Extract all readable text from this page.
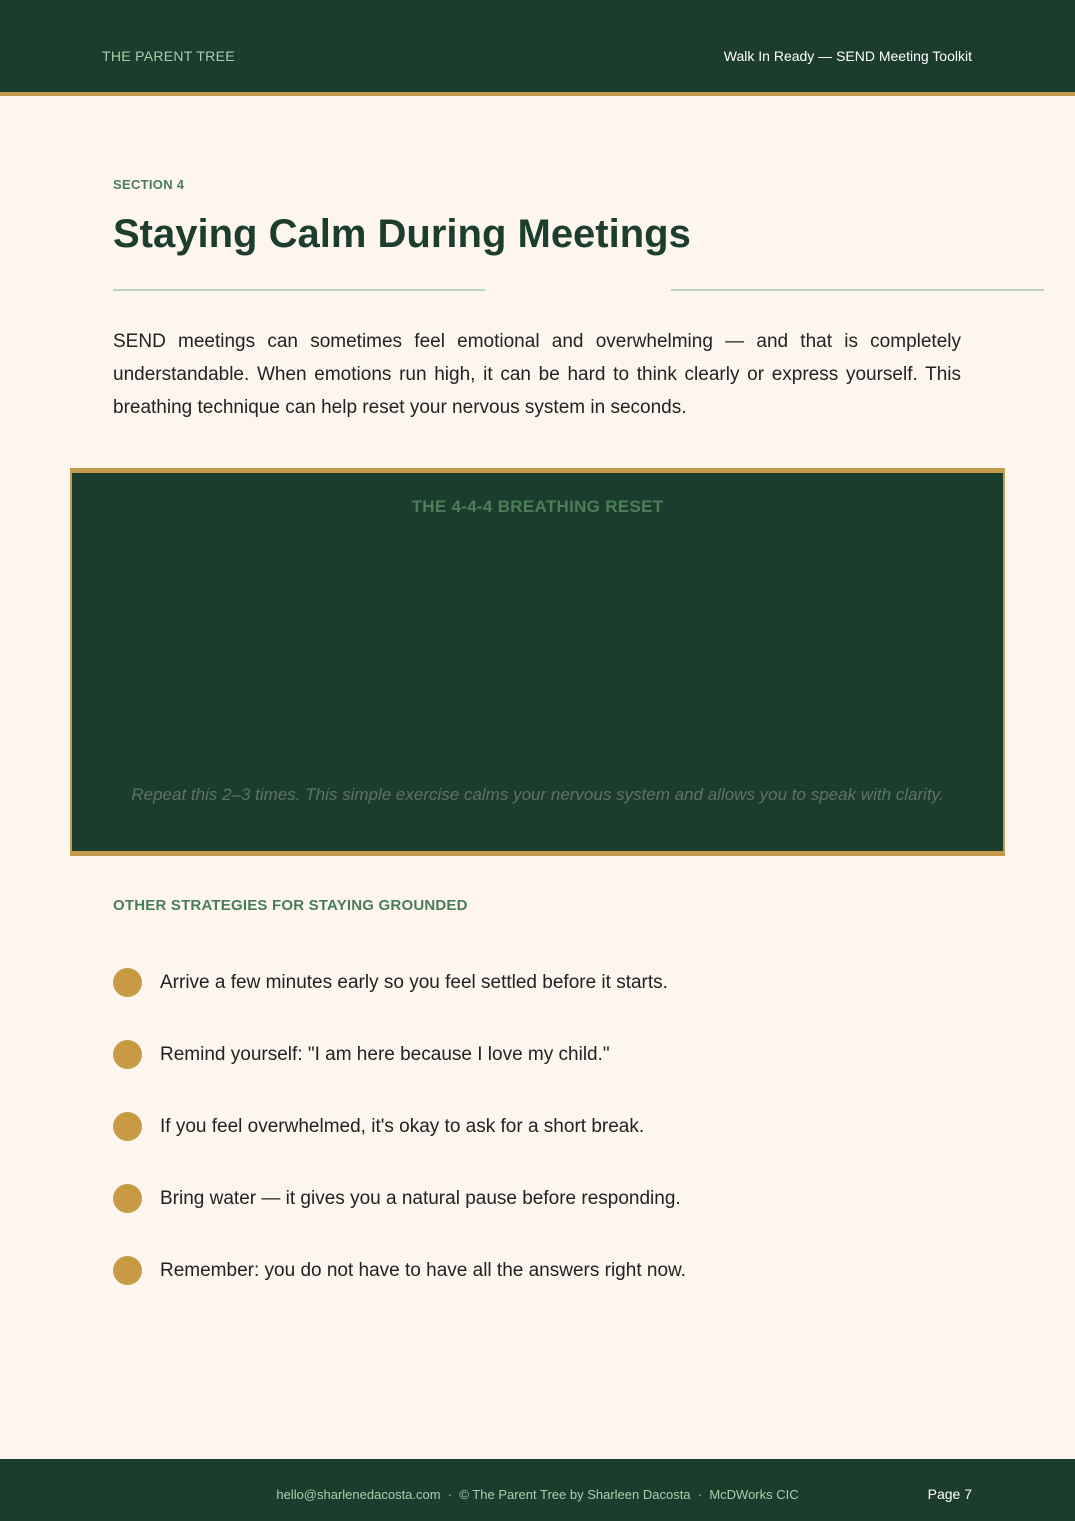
THE PARENT TREE	Walk In Ready — SEND Meeting Toolkit
SECTION 4
Staying Calm During Meetings

SEND meetings can sometimes feel emotional and overwhelming — and that is completely understandable. When emotions run high, it can be hard to think clearly or express yourself. This breathing technique can help reset your nervous system in seconds.

THE 4-4-4 BREATHING RESET
Repeat this 2–3 times. This simple exercise calms your nervous system and allows you to speak with clarity.
OTHER STRATEGIES FOR STAYING GROUNDED
Arrive a few minutes early so you feel settled before it starts.
Remind yourself: "I am here because I love my child."
If you feel overwhelmed, it's okay to ask for a short break.
Bring water — it gives you a natural pause before responding.
Remember: you do not have to have all the answers right now.
hello@sharlenedacosta.com  ·  © The Parent Tree by Sharleen Dacosta  ·  McDWorks CIC	Page 7
